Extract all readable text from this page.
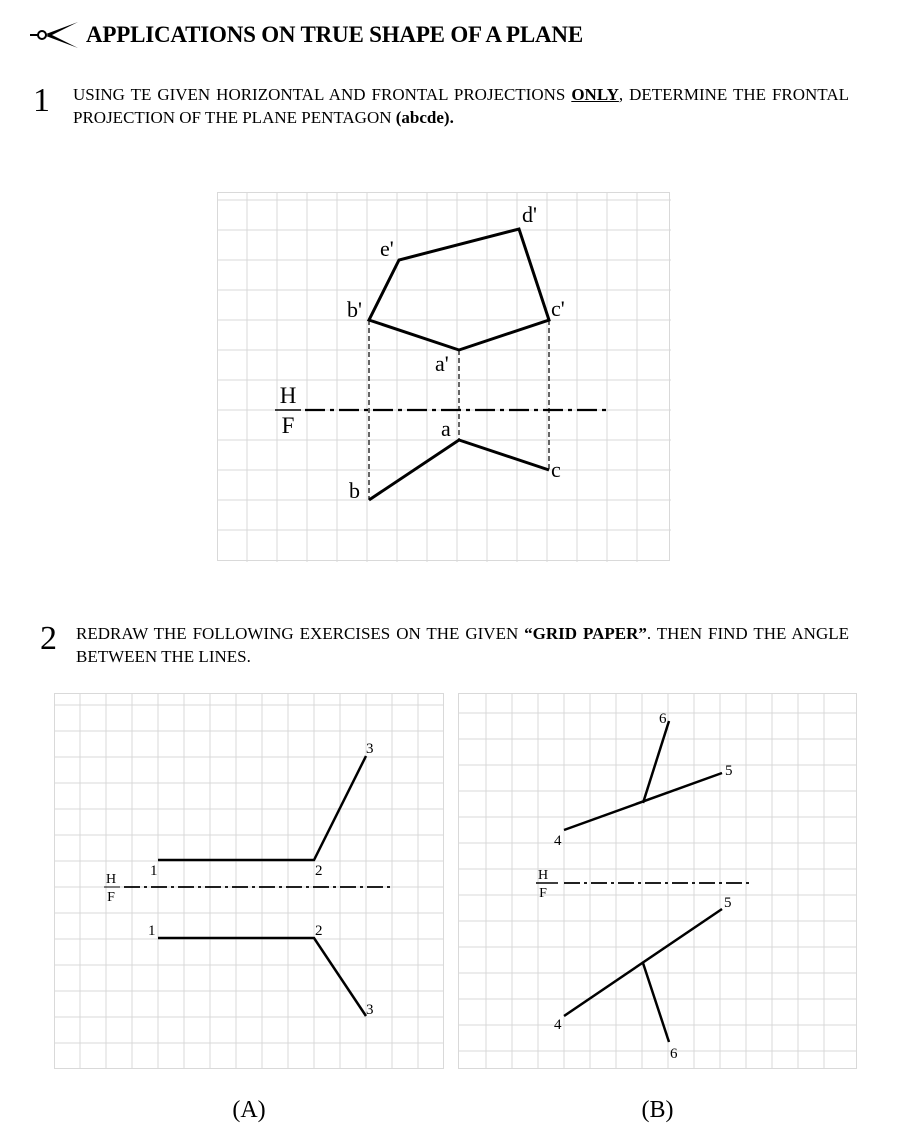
APPLICATIONS ON TRUE SHAPE OF A PLANE
1 USING TE GIVEN HORIZONTAL AND FRONTAL PROJECTIONS ONLY, DETERMINE THE FRONTAL PROJECTION OF THE PLANE PENTAGON (abcde).
H
F
e'
d'
b'	c'
a'
a
b
c
2 REDRAW THE FOLLOWING EXERCISES ON THE GIVEN “GRID PAPER”. THEN FIND THE ANGLE BETWEEN THE LINES.
H
F
1	2
3
1	2
3
(A)
H
F
4
5
6
4
5
6
(B)
